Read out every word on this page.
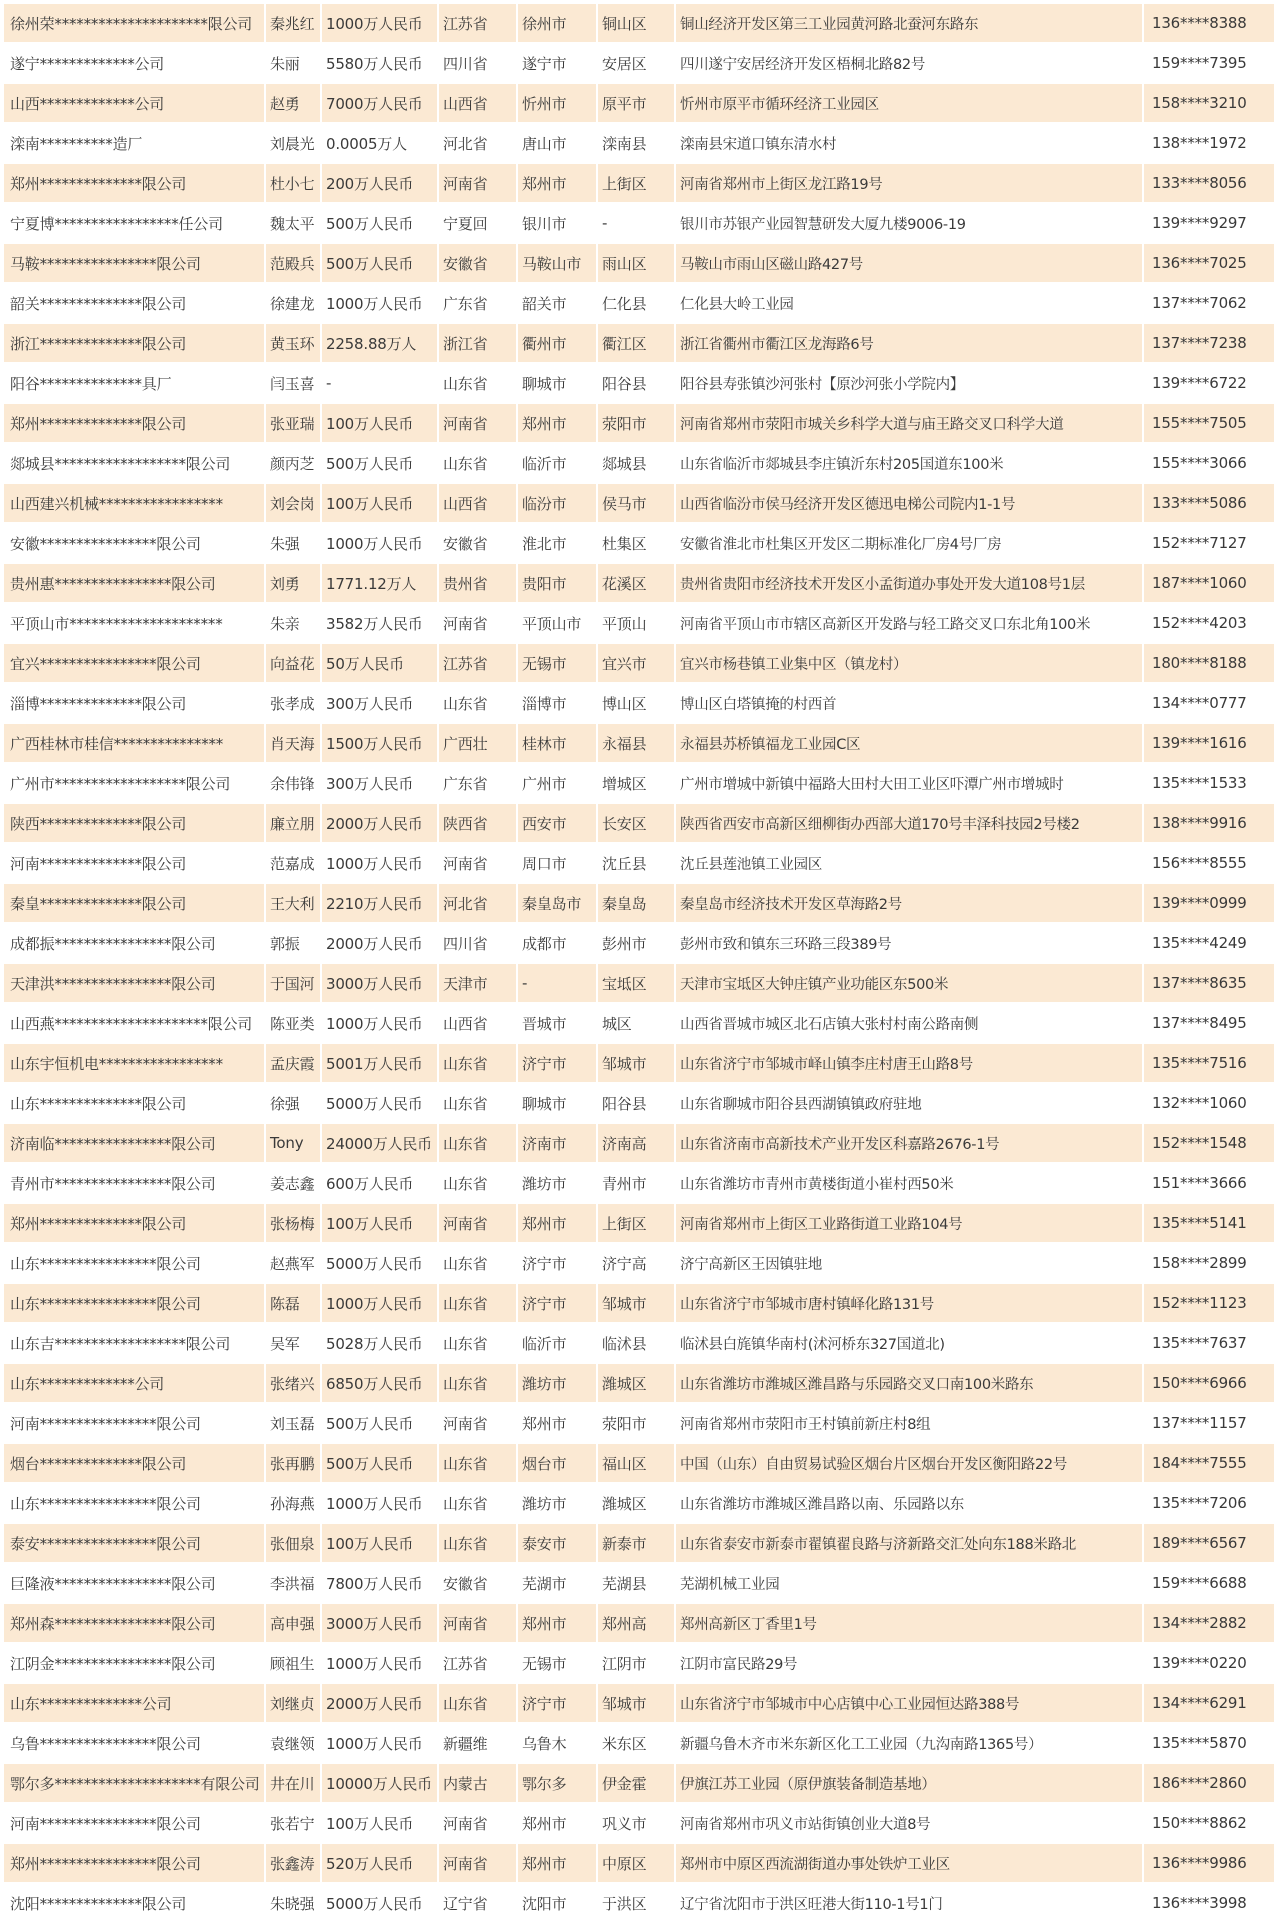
徐州荣*********************限公司	秦兆红	1000万人民币	江苏省	徐州市	铜山区	铜山经济开发区第三工业园黄河路北蚕河东路东	136****8388
遂宁*************公司	朱丽	5580万人民币	四川省	遂宁市	安居区	四川遂宁安居经济开发区梧桐北路82号	159****7395
山西*************公司	赵勇	7000万人民币	山西省	忻州市	原平市	忻州市原平市循环经济工业园区	158****3210
滦南**********造厂	刘晨光	0.0005万人	河北省	唐山市	滦南县	滦南县宋道口镇东清水村	138****1972
郑州**************限公司	杜小七	200万人民币	河南省	郑州市	上街区	河南省郑州市上街区龙江路19号	133****8056
宁夏博*****************任公司	魏太平	500万人民币	宁夏回	银川市	-	银川市苏银产业园智慧研发大厦九楼9006-19	139****9297
马鞍****************限公司	范殿兵	500万人民币	安徽省	马鞍山市	雨山区	马鞍山市雨山区磁山路427号	136****7025
韶关**************限公司	徐建龙	1000万人民币	广东省	韶关市	仁化县	仁化县大岭工业园	137****7062
浙江**************限公司	黄玉环	2258.88万人	浙江省	衢州市	衢江区	浙江省衢州市衢江区龙海路6号	137****7238
阳谷**************具厂	闫玉喜	-	山东省	聊城市	阳谷县	阳谷县寿张镇沙河张村【原沙河张小学院内】	139****6722
郑州**************限公司	张亚瑞	100万人民币	河南省	郑州市	荥阳市	河南省郑州市荥阳市城关乡科学大道与庙王路交叉口科学大道	155****7505
郯城县******************限公司	颜丙芝	500万人民币	山东省	临沂市	郯城县	山东省临沂市郯城县李庄镇沂东村205国道东100米	155****3066
山西建兴机械*****************	刘会岗	100万人民币	山西省	临汾市	侯马市	山西省临汾市侯马经济开发区德迅电梯公司院内1-1号	133****5086
安徽****************限公司	朱强	1000万人民币	安徽省	淮北市	杜集区	安徽省淮北市杜集区开发区二期标准化厂房4号厂房	152****7127
贵州惠****************限公司	刘勇	1771.12万人	贵州省	贵阳市	花溪区	贵州省贵阳市经济技术开发区小孟街道办事处开发大道108号1层	187****1060
平顶山市*********************	朱亲	3582万人民币	河南省	平顶山市	平顶山	河南省平顶山市市辖区高新区开发路与轻工路交叉口东北角100米	152****4203
宜兴****************限公司	向益花	50万人民币	江苏省	无锡市	宜兴市	宜兴市杨巷镇工业集中区（镇龙村）	180****8188
淄博**************限公司	张孝成	300万人民币	山东省	淄博市	博山区	博山区白塔镇掩的村西首	134****0777
广西桂林市桂信***************	肖天海	1500万人民币	广西壮	桂林市	永福县	永福县苏桥镇福龙工业园C区	139****1616
广州市******************限公司	余伟锋	300万人民币	广东省	广州市	增城区	广州市增城中新镇中福路大田村大田工业区吓潭广州市增城时	135****1533
陕西**************限公司	廉立朋	2000万人民币	陕西省	西安市	长安区	陕西省西安市高新区细柳街办西部大道170号丰泽科技园2号楼2	138****9916
河南**************限公司	范嘉成	1000万人民币	河南省	周口市	沈丘县	沈丘县莲池镇工业园区	156****8555
秦皇**************限公司	王大利	2210万人民币	河北省	秦皇岛市	秦皇岛	秦皇岛市经济技术开发区草海路2号	139****0999
成都振****************限公司	郭振	2000万人民币	四川省	成都市	彭州市	彭州市致和镇东三环路三段389号	135****4249
天津洪****************限公司	于国河	3000万人民币	天津市	-	宝坻区	天津市宝坻区大钟庄镇产业功能区东500米	137****8635
山西燕*********************限公司	陈亚类	1000万人民币	山西省	晋城市	城区	山西省晋城市城区北石店镇大张村村南公路南侧	137****8495
山东宇恒机电*****************	孟庆霞	5001万人民币	山东省	济宁市	邹城市	山东省济宁市邹城市峄山镇李庄村唐王山路8号	135****7516
山东**************限公司	徐强	5000万人民币	山东省	聊城市	阳谷县	山东省聊城市阳谷县西湖镇镇政府驻地	132****1060
济南临****************限公司	Tony	24000万人民币	山东省	济南市	济南高	山东省济南市高新技术产业开发区科嘉路2676-1号	152****1548
青州市****************限公司	姜志鑫	600万人民币	山东省	潍坊市	青州市	山东省潍坊市青州市黄楼街道小崔村西50米	151****3666
郑州**************限公司	张杨梅	100万人民币	河南省	郑州市	上街区	河南省郑州市上街区工业路街道工业路104号	135****5141
山东****************限公司	赵燕军	5000万人民币	山东省	济宁市	济宁高	济宁高新区王因镇驻地	158****2899
山东****************限公司	陈磊	1000万人民币	山东省	济宁市	邹城市	山东省济宁市邹城市唐村镇峄化路131号	152****1123
山东吉******************限公司	吴军	5028万人民币	山东省	临沂市	临沭县	临沭县白旄镇华南村(沭河桥东327国道北)	135****7637
山东*************公司	张绪兴	6850万人民币	山东省	潍坊市	潍城区	山东省潍坊市潍城区潍昌路与乐园路交叉口南100米路东	150****6966
河南****************限公司	刘玉磊	500万人民币	河南省	郑州市	荥阳市	河南省郑州市荥阳市王村镇前新庄村8组	137****1157
烟台**************限公司	张再鹏	500万人民币	山东省	烟台市	福山区	中国（山东）自由贸易试验区烟台片区烟台开发区衡阳路22号	184****7555
山东****************限公司	孙海燕	1000万人民币	山东省	潍坊市	潍城区	山东省潍坊市潍城区潍昌路以南、乐园路以东	135****7206
泰安****************限公司	张佃泉	100万人民币	山东省	泰安市	新泰市	山东省泰安市新泰市翟镇翟良路与济新路交汇处向东188米路北	189****6567
巨隆液****************限公司	李洪福	7800万人民币	安徽省	芜湖市	芜湖县	芜湖机械工业园	159****6688
郑州森****************限公司	高申强	3000万人民币	河南省	郑州市	郑州高	郑州高新区丁香里1号	134****2882
江阴金****************限公司	顾祖生	1000万人民币	江苏省	无锡市	江阴市	江阴市富民路29号	139****0220
山东**************公司	刘继贞	2000万人民币	山东省	济宁市	邹城市	山东省济宁市邹城市中心店镇中心工业园恒达路388号	134****6291
乌鲁****************限公司	袁继领	1000万人民币	新疆维	乌鲁木	米东区	新疆乌鲁木齐市米东新区化工工业园（九沟南路1365号）	135****5870
鄂尔多********************有限公司	井在川	10000万人民币	内蒙古	鄂尔多	伊金霍	伊旗江苏工业园（原伊旗装备制造基地）	186****2860
河南****************限公司	张若宁	100万人民币	河南省	郑州市	巩义市	河南省郑州市巩义市站街镇创业大道8号	150****8862
郑州****************限公司	张鑫涛	520万人民币	河南省	郑州市	中原区	郑州市中原区西流湖街道办事处铁炉工业区	136****9986
沈阳**************限公司	朱晓强	5000万人民币	辽宁省	沈阳市	于洪区	辽宁省沈阳市于洪区旺港大街110-1号1门	136****3998
